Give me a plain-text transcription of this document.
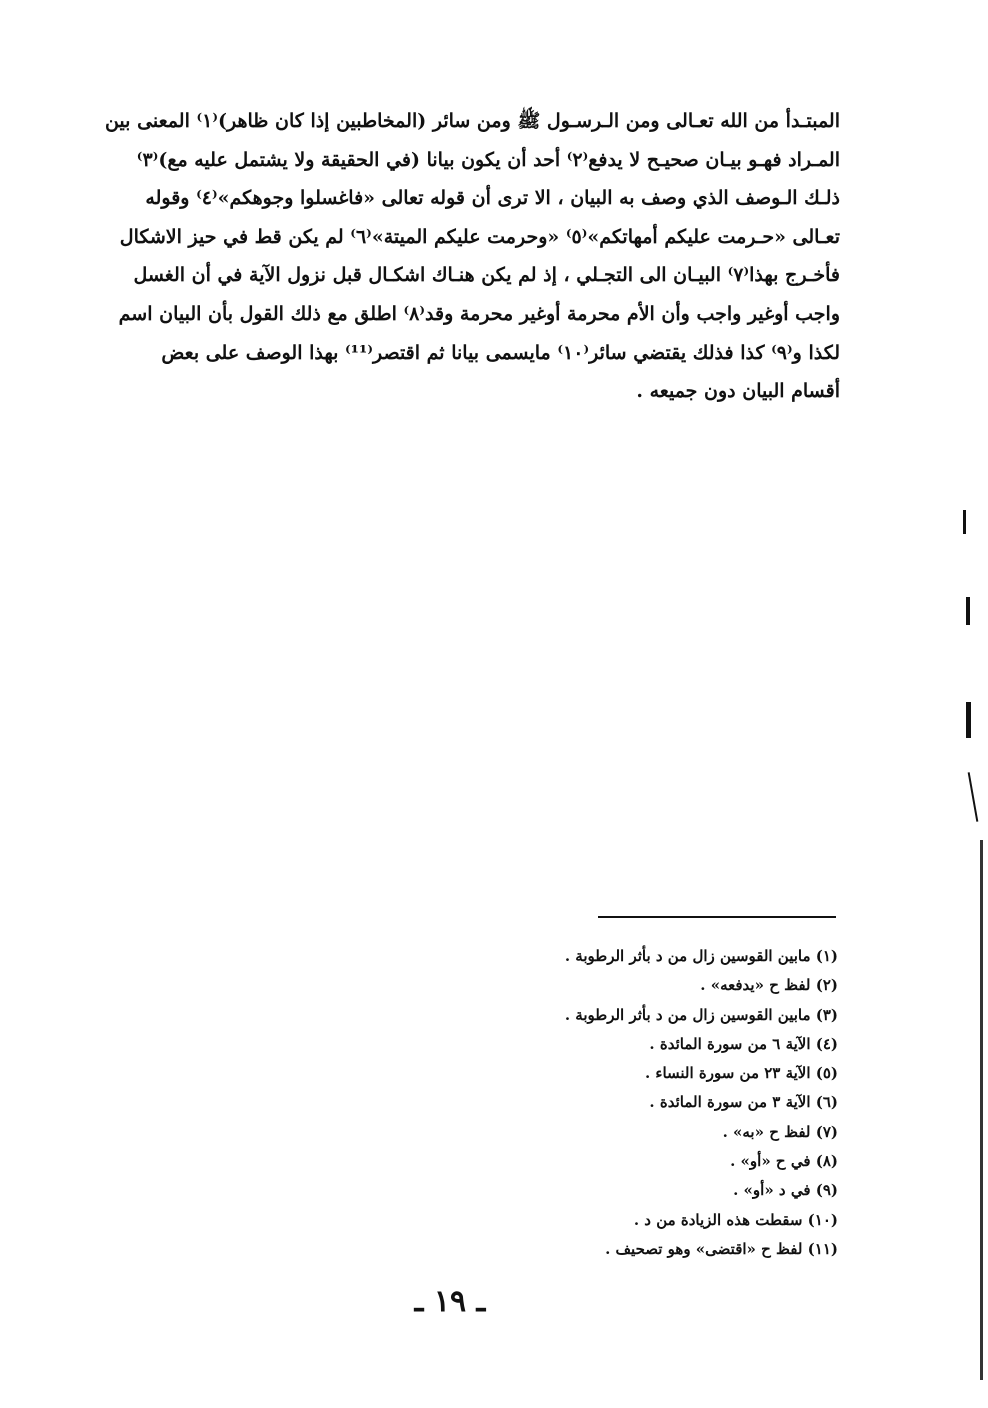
المبتـدأ من الله تعـالى ومن الـرسـول ﷺ ومن سائر (المخاطبين إذا كان ظاهر)⁽١⁾ المعنى بين
المـراد فهـو بيـان صحيـح لا يدفع⁽٢⁾ أحد أن يكون بيانا (في الحقيقة ولا يشتمل عليه مع)⁽٣⁾
ذلـك الـوصف الذي وصف به البيان ، الا ترى أن قوله تعالى «فاغسلوا وجوهكم»⁽٤⁾ وقوله
تعـالى «حـرمت عليكم أمهاتكم»⁽٥⁾ «وحرمت عليكم الميتة»⁽٦⁾ لم يكن قط في حيز الاشكال
فأخـرج بهذا⁽٧⁾ البيـان الى التجـلي ، إذ لم يكن هنـاك اشكـال قبل نزول الآية في أن الغسل
واجب أوغير واجب وأن الأم محرمة أوغير محرمة وقد⁽٨⁾ اطلق مع ذلك القول بأن البيان اسم
لكذا و⁽٩⁾ كذا فذلك يقتضي سائر⁽١٠⁾ مايسمى بيانا ثم اقتصر⁽¹¹⁾ بهذا الوصف على بعض
أقسام البيان دون جميعه .
(١) مابين القوسين زال من د بأثر الرطوبة .
(٢) لفظ ح «يدفعه» .
(٣) مابين القوسين زال من د بأثر الرطوبة .
(٤) الآية ٦ من سورة المائدة .
(٥) الآية ٢٣ من سورة النساء .
(٦) الآية ٣ من سورة المائدة .
(٧) لفظ ح «به» .
(٨) في ح «أو» .
(٩) في د «أو» .
(١٠) سقطت هذه الزيادة من د .
(١١) لفظ ح «اقتضى» وهو تصحيف .
ـ ١٩ ـ
